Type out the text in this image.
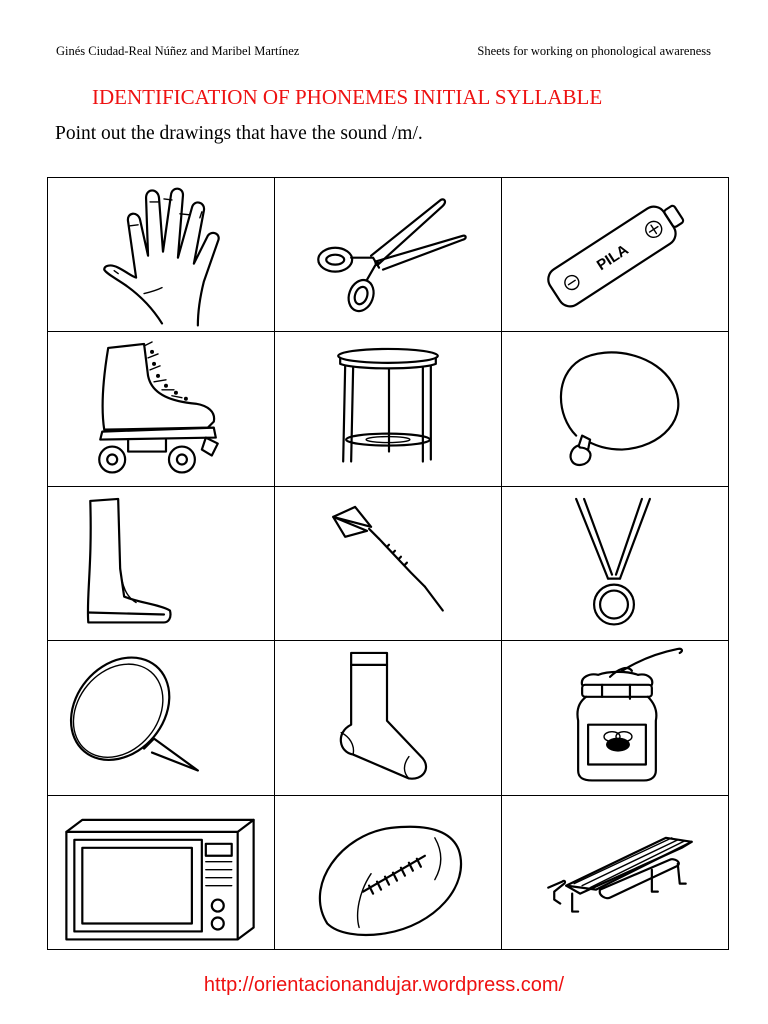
Ginés Ciudad-Real Núñez and Maribel Martínez	Sheets for working on phonological awareness
IDENTIFICATION OF PHONEMES INITIAL SYLLABLE

Point out the drawings that have the sound /m/.

PILA
http://orientacionandujar.wordpress.com/
